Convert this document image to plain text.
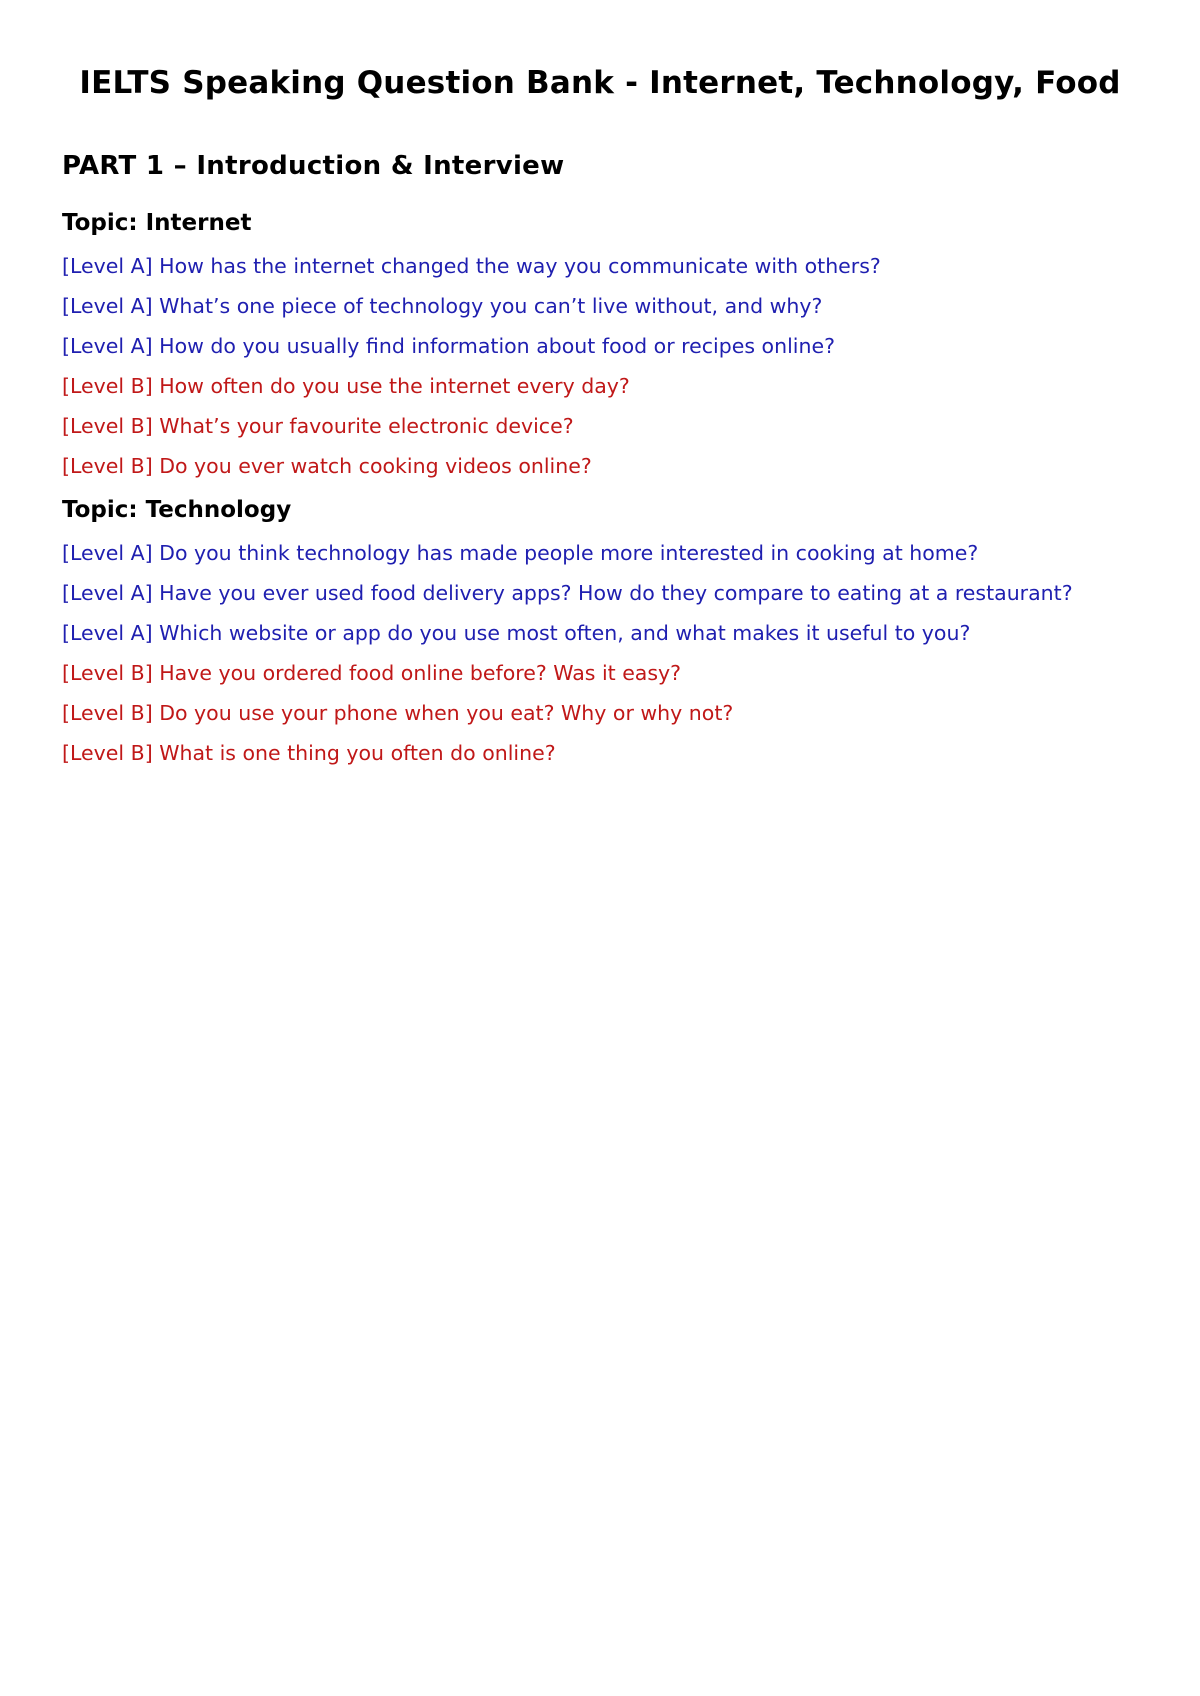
IELTS Speaking Question Bank - Internet, Technology, Food
PART 1 – Introduction & Interview
Topic: Internet
[Level A] How has the internet changed the way you communicate with others?
[Level A] What’s one piece of technology you can’t live without, and why?
[Level A] How do you usually find information about food or recipes online?
[Level B] How often do you use the internet every day?
[Level B] What’s your favourite electronic device?
[Level B] Do you ever watch cooking videos online?
Topic: Technology
[Level A] Do you think technology has made people more interested in cooking at home?
[Level A] Have you ever used food delivery apps? How do they compare to eating at a restaurant?
[Level A] Which website or app do you use most often, and what makes it useful to you?
[Level B] Have you ordered food online before? Was it easy?
[Level B] Do you use your phone when you eat? Why or why not?
[Level B] What is one thing you often do online?
